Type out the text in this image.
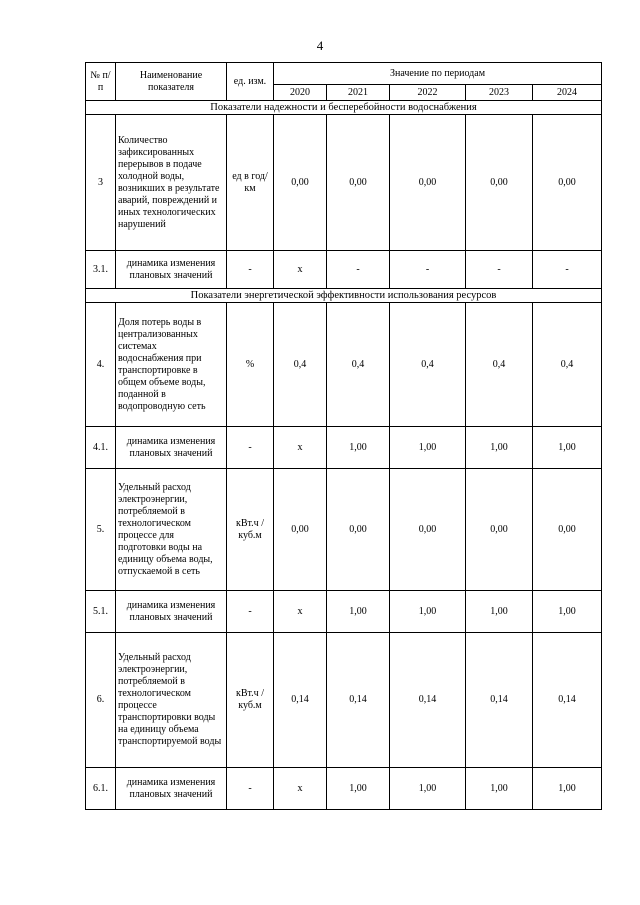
4
№ п/п	Наименование показателя	ед. изм.	Значение по периодам				
			2020	2021	2022	2023	2024
Показатели надежности и бесперебойности водоснабжения							
3	Количество зафиксированных перерывов в подаче холодной воды, возникших в результате аварий, повреждений и иных технологических нарушений	ед в год/ км	0,00	0,00	0,00	0,00	0,00
3.1.	динамика изменения плановых значений	-	x	-	-	-	-
Показатели энергетической эффективности использования ресурсов							
4.	Доля потерь воды в централизованных системах водоснабжения при транспортировке в общем объеме воды, поданной в водопроводную сеть	%	0,4	0,4	0,4	0,4	0,4
4.1.	динамика изменения плановых значений	-	x	1,00	1,00	1,00	1,00
5.	Удельный расход электроэнергии, потребляемой в технологическом процессе для подготовки воды на единицу объема воды, отпускаемой в сеть	кВт.ч / куб.м	0,00	0,00	0,00	0,00	0,00
5.1.	динамика изменения плановых значений	-	x	1,00	1,00	1,00	1,00
6.	Удельный расход электроэнергии, потребляемой в технологическом процессе транспортировки воды на единицу объема транспортируемой воды	кВт.ч / куб.м	0,14	0,14	0,14	0,14	0,14
6.1.	динамика изменения плановых значений	-	x	1,00	1,00	1,00	1,00
